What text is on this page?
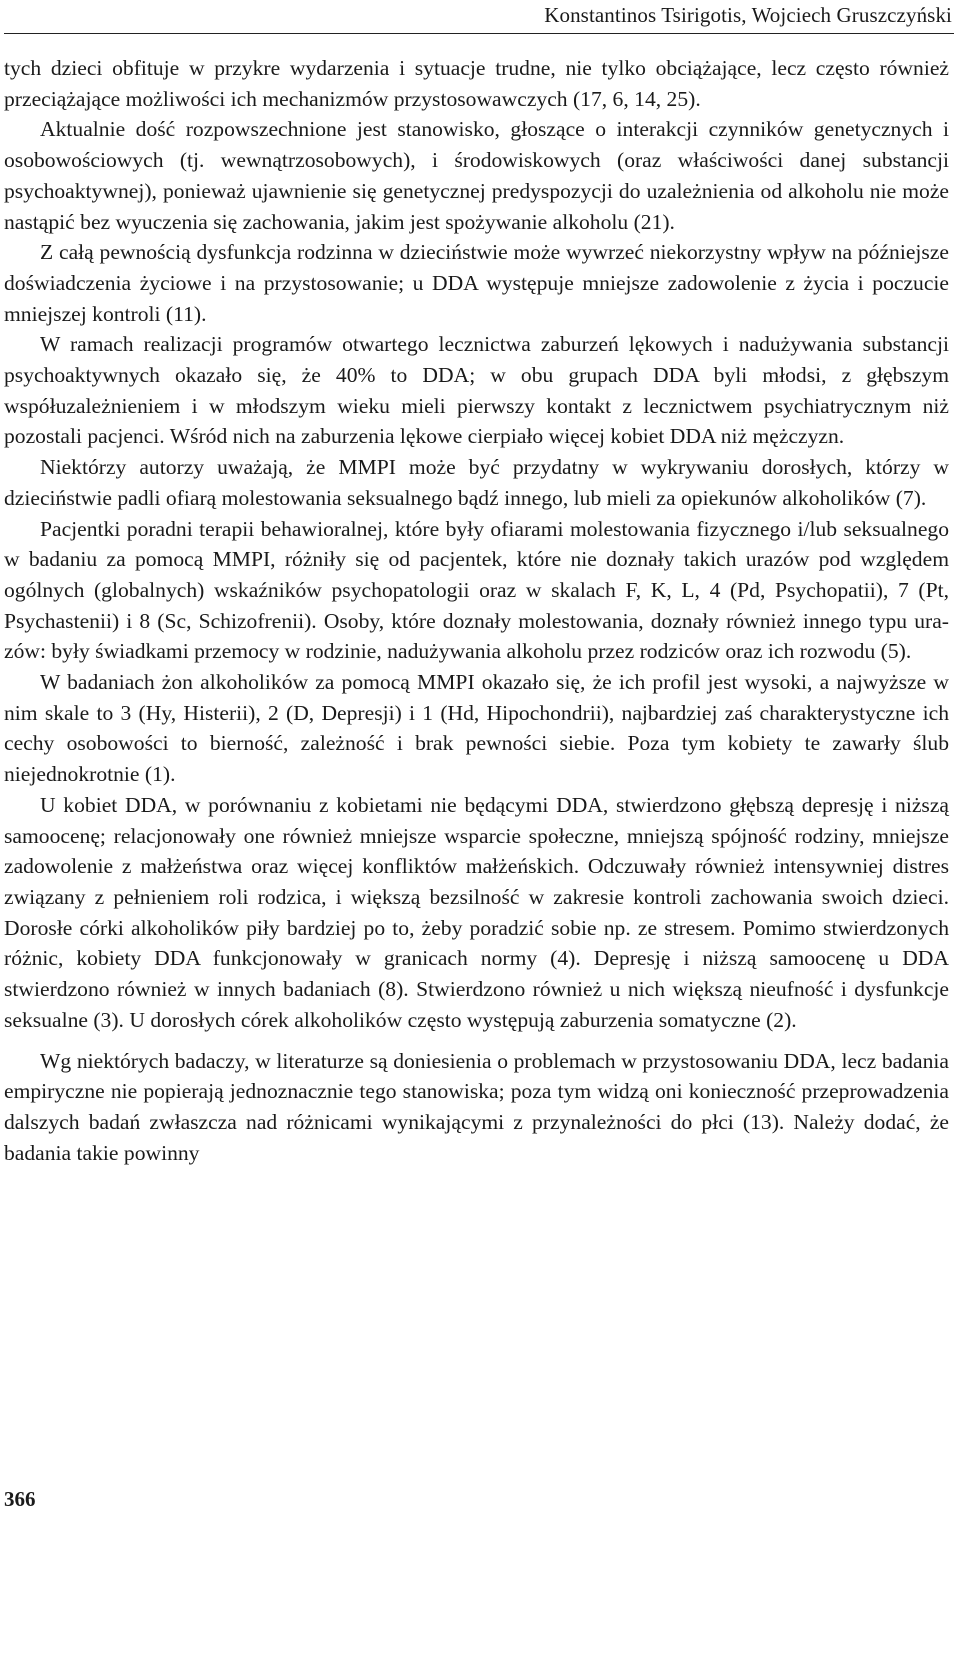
Konstantinos Tsirigotis, Wojciech Gruszczyński

tych dzieci obfituje w przykre wydarzenia i sytuacje trudne, nie tylko obciążające, lecz często również przeciążające możliwości ich mechanizmów przystosowawczych (17, 6, 14, 25).

Aktualnie dość rozpowszechnione jest stanowisko, głoszące o interakcji czynników genetycznych i osobowościowych (tj. wewnątrzosobowych), i środowiskowych (oraz właściwości danej substancji psychoaktywnej), ponieważ ujawnienie się genetycznej predyspozycji do uzależnienia od alkoholu nie może nastąpić bez wyuczenia się zachowania, jakim jest spożywanie alkoholu (21).

Z całą pewnością dysfunkcja rodzinna w dzieciństwie może wywrzeć niekorzystny wpływ na późniejsze doświadczenia życiowe i na przystosowanie; u DDA występuje mniejsze zadowolenie z życia i poczucie mniejszej kontroli (11).

W ramach realizacji programów otwartego lecznictwa zaburzeń lękowych i nadużywania substancji psychoaktywnych okazało się, że 40% to DDA; w obu grupach DDA byli młodsi, z głębszym współuzależnieniem i w młodszym wieku mieli pierwszy kontakt z lecznictwem psychiatrycznym niż pozostali pacjenci. Wśród nich na zaburzenia lękowe cierpiało więcej kobiet DDA niż mężczyzn.

Niektórzy autorzy uważają, że MMPI może być przydatny w wykrywaniu dorosłych, którzy w dzieciństwie padli ofiarą molestowania seksualnego bądź innego, lub mieli za opiekunów alkoholików (7).

Pacjentki poradni terapii behawioralnej, które były ofiarami molestowania fizycznego i/lub seksualnego w badaniu za pomocą MMPI, różniły się od pacjentek, które nie doznały takich urazów pod względem ogólnych (globalnych) wskaźników psychopatologii oraz w skalach F, K, L, 4 (Pd, Psychopatii), 7 (Pt, Psychastenii) i 8 (Sc, Schizofrenii). Osoby, które doznały molestowania, doznały również innego typu urazów: były świadkami przemocy w rodzinie, nadużywania alkoholu przez rodziców oraz ich rozwodu (5).

W badaniach żon alkoholików za pomocą MMPI okazało się, że ich profil jest wysoki, a najwyższe w nim skale to 3 (Hy, Histerii), 2 (D, Depresji) i 1 (Hd, Hipochondrii), najbardziej zaś charakterystyczne ich cechy osobowości to bierność, zależność i brak pewności siebie. Poza tym kobiety te zawarły ślub niejednokrotnie (1).

U kobiet DDA, w porównaniu z kobietami nie będącymi DDA, stwierdzono głębszą depresję i niższą samoocenę; relacjonowały one również mniejsze wsparcie społeczne, mniejszą spójność rodziny, mniejsze zadowolenie z małżeństwa oraz więcej konfliktów małżeńskich. Odczuwały również intensywniej distres związany z pełnieniem roli rodzica, i większą bezsilność w zakresie kontroli zachowania swoich dzieci. Dorosłe córki alkoholików piły bardziej po to, żeby poradzić sobie np. ze stresem. Pomimo stwierdzonych różnic, kobiety DDA funkcjonowały w granicach normy (4). Depresję i niższą samoocenę u DDA stwierdzono również w innych badaniach (8). Stwierdzono również u nich większą nieufność i dysfunkcje seksualne (3). U dorosłych córek alkoholików często występują zaburzenia somatyczne (2).

Wg niektórych badaczy, w literaturze są doniesienia o problemach w przystosowaniu DDA, lecz badania empiryczne nie popierają jednoznacznie tego stanowiska; poza tym widzą oni konieczność przeprowadzenia dalszych badań zwłaszcza nad różnicami wynikającymi z przynależności do płci (13). Należy dodać, że badania takie powinny

366
